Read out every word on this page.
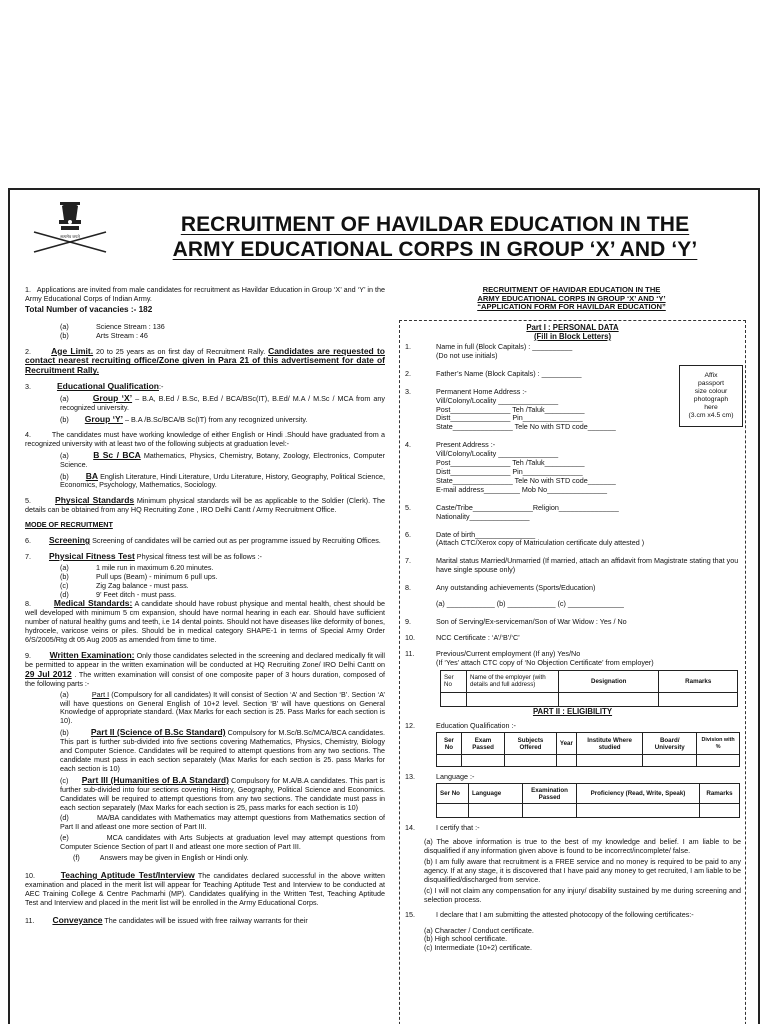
सत्यमेव जयते
RECRUITMENT OF HAVILDAR EDUCATION IN THE
ARMY EDUCATIONAL CORPS IN GROUP ‘X’ AND ‘Y’
1. Applications are invited from male candidates for recruitment as Havildar Education in Group ‘X’ and ‘Y’ in the Army Educational Corps of Indian Army.
Total Number of vacancies :- 182
(a)	Science Stream : 136
(b)	Arts Stream : 46
2. Age Limit. 20 to 25 years as on first day of Recruitment Rally. Candidates are requested to contact nearest recruiting office/Zone given in Para 21 of this advertisement for date of Recruitment Rally.
3.	Educational Qualification:-
(a)	Group ‘X’ – B.A, B.Ed / B.Sc, B.Ed / BCA/BSc(IT), B.Ed/ M.A / M.Sc / MCA from any recognized university.
(b) Group ‘Y’ – B.A /B.Sc/BCA/B Sc(IT) from any recognized university.
4.	The candidates must have working knowledge of either English or Hindi .Should have graduated from a recognized university with at least two of the following subjects at graduation level:-
(a)	B Sc / BCA Mathematics, Physics, Chemistry, Botany, Zoology, Electronics, Computer Science.
(b) BA English Literature, Hindi Literature, Urdu Literature, History, Geography, Political Science, Economics, Psychology, Mathematics, Sociology.
5.	Physical Standards Minimum physical standards will be as applicable to the Soldier (Clerk). The details can be obtained from any HQ Recruiting Zone , IRO Delhi Cantt / Army Recruitment Office.
MODE OF RECRUITMENT
6. Screening Screening of candidates will be carried out as per programme issued by Recruiting Offices.
7. Physical Fitness Test Physical fitness test will be as follows :-
(a)	1 mile run in maximum 6.20 minutes.
(b)	Pull ups (Beam) - minimum 6 pull ups.
(c)	Zig Zag balance - must pass.
(d)	9’ Feet ditch - must pass.
8.	Medical Standards: A candidate should have robust physique and mental health, chest should be well developed with minimum 5 cm expansion, should have normal hearing in each ear. Should have sufficient number of natural healthy gums and teeth, i.e 14 dental points. Should not have diseases like deformity of bones, hydrocele, varicose veins or piles. Should be in medical category SHAPE-1 in terms of Special Army Order 6/S/2005/Rtg dt 05 Aug 2005 as amended from time to time.
9. Written Examination: Only those candidates selected in the screening and declared medically fit will be permitted to appear in the written examination will be conducted at HQ Recruiting Zone/ IRO Delhi Cantt on 29 Jul 2012 . The written examination will consist of one composite paper of 3 hours duration, composed of the following parts :-
(a)	Part I (Compulsory for all candidates) It will consist of Section ‘A’ and Section ‘B’. Section ‘A’ will have questions on General English of 10+2 level. Section ‘B’ will have questions on General Knowledge of appropriate standard. (Max Marks for each section is 25. Pass Marks for each section is 10).
(b)	Part II (Science of B.Sc Standard) Compulsory for M.Sc/B.Sc/MCA/BCA candidates. This part is further sub-divided into five sections covering Mathematics, Physics, Chemistry, Biology and Computer Science. Candidates will be required to attempt questions from any two sections. The candidate must pass in each section separately (Max Marks for each section is 25. pass Marks for each section is 10)
(c) Part III (Humanities of B.A Standard) Compulsory for M.A/B.A candidates. This part is further sub-divided into four sections covering History, Geography, Political Science and Economics. Candidates will be required to attempt questions from any two sections. The candidate must pass in each section separately (Max Marks for each section is 25, pass marks for each section is 10)
(d)	MA/BA candidates with Mathematics may attempt questions from Mathematics section of Part II and atleast one more section of Part III.
(e)	MCA candidates with Arts Subjects at graduation level may attempt questions from Computer Science Section of part II and atleast one more section of Part III.
(f)	Answers may be given in English or Hindi only.
10.	Teaching Aptitude Test/Interview The candidates declared successful in the above written examination and placed in the merit list will appear for Teaching Aptitude Test and Interview to be conducted at AEC Training College & Centre Pachmarhi (MP). Candidates qualifying in the Written Test, Teaching Aptitude Test and Interview and placed in the merit list will be enrolled in the Army Educational Corps.
11. Conveyance The candidates will be issued with free railway warrants for their
RECRUITMENT OF HAVIDAR EDUCATION IN THE
ARMY EDUCATIONAL CORPS IN GROUP ‘X’ AND ‘Y’
“APPLICATION FORM FOR HAVILDAR EDUCATION”
Part I : PERSONAL DATA
(Fill in Block Letters)
Affix
passport
size colour
photograph
here
(3.cm x4.5 cm)
1.	Name in full (Block Capitals) : __________
(Do not use initials)
2.	Father’s Name (Block Capitals) : __________
3.	Permanent Home Address :-
Vill/Colony/Locality _______________
Post_______________ Teh /Taluk__________
Distt_______________ Pin_______________
State_______________ Tele No with STD code_______
4.	Present Address :-
Vill/Colony/Locality _______________
Post_______________ Teh /Taluk__________
Distt_______________ Pin_______________
State_______________ Tele No with STD code_______
E-mail address_________ Mob No_______________
5.	Caste/Tribe_______________Religion_______________
Nationality_______________
6.	Date of birth_______________
(Attach CTC/Xerox copy of Matriculation certificate duly attested )
7.	Marital status Married/Unmarried (If married, attach an affidavit from Magistrate stating that you have single spouse only)
8.	Any outstanding achievements (Sports/Education)
(a) ____________ (b) ____________ (c) ______________
9.	Son of Serving/Ex-serviceman/Son of War Widow : Yes / No
10.	NCC Certificate : ‘A’/‘B’/‘C’
11.	Previous/Current employment (If any) Yes/No
(If ‘Yes’ attach CTC copy of ‘No Objection Certificate’ from employer)
Ser No	Name of the employer (with details and full address)	Designation	Ramarks

PART II : ELIGIBILITY
12.	Education Qualification :-
Ser No	Exam Passed	Subjects Offered	Year	Institute Where studied	Board/ University	Division with %

13.	Language :-
Ser No	Language	Examination Passed	Proficiency (Read, Write, Speak)	Ramarks

14.	I certify that :-
(a) The above information is true to the best of my knowledge and belief. I am liable to be disqualified if any information given above is found to be incorrect/incomplete/ false.
(b) I am fully aware that recruitment is a FREE service and no money is required to be paid to any agency. If at any stage, it is discovered that I have paid any money to get recruited, I am liable to be disqualified/discharged from service.
(c) I will not claim any compensation for any injury/ disability sustained by me during screening and selection process.
15.	I declare that I am submitting the attested photocopy of the following certificates:-
(a) Character / Conduct certificate.
(b) High school certificate.
(c) Intermediate (10+2) certificate.
